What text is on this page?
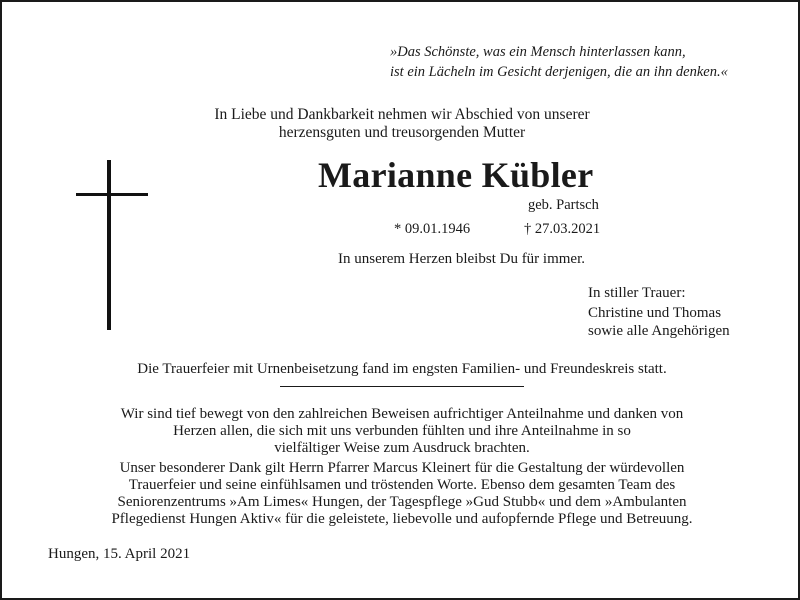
»Das Schönste, was ein Mensch hinterlassen kann,
ist ein Lächeln im Gesicht derjenigen, die an ihn denken.«
In Liebe und Dankbarkeit nehmen wir Abschied von unserer
herzensguten und treusorgenden Mutter
Marianne Kübler
geb. Partsch
* 09.01.1946	† 27.03.2021
In unserem Herzen bleibst Du für immer.
In stiller Trauer:
Christine und Thomas
sowie alle Angehörigen
Die Trauerfeier mit Urnenbeisetzung fand im engsten Familien- und Freundeskreis statt.
Wir sind tief bewegt von den zahlreichen Beweisen aufrichtiger Anteilnahme und danken von
Herzen allen, die sich mit uns verbunden fühlten und ihre Anteilnahme in so
vielfältiger Weise zum Ausdruck brachten.
Unser besonderer Dank gilt Herrn Pfarrer Marcus Kleinert für die Gestaltung der würdevollen
Trauerfeier und seine einfühlsamen und tröstenden Worte. Ebenso dem gesamten Team des
Seniorenzentrums »Am Limes« Hungen, der Tagespflege »Gud Stubb« und dem »Ambulanten
Pflegedienst Hungen Aktiv« für die geleistete, liebevolle und aufopfernde Pflege und Betreuung.
Hungen, 15. April 2021
